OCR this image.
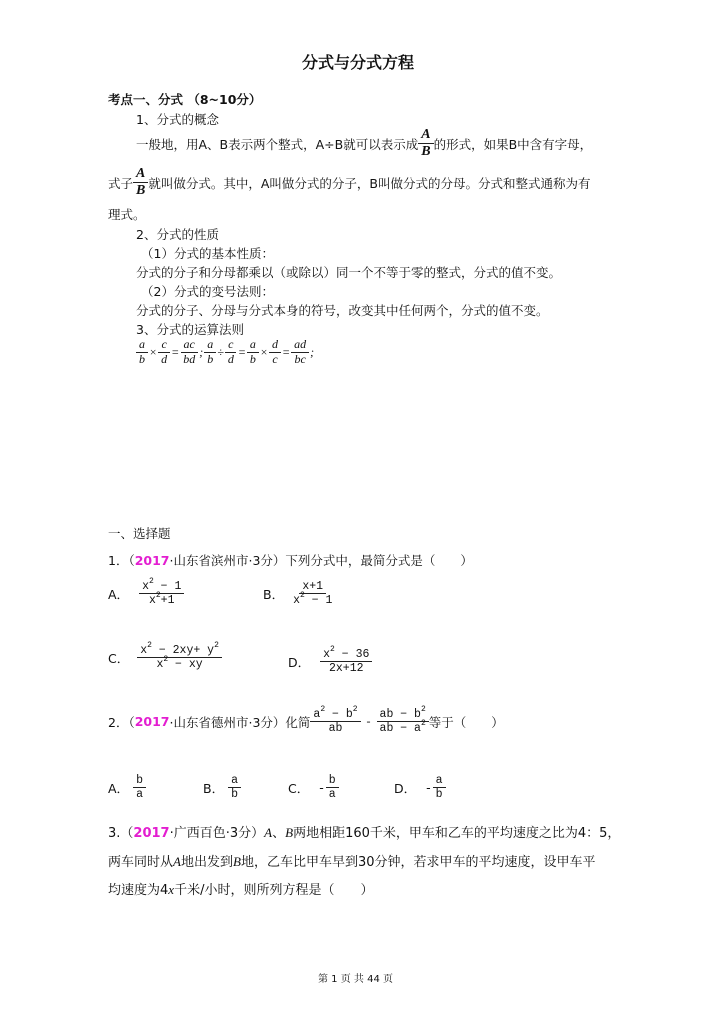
分式与分式方程
考点一、分式 （8~10分）
1、分式的概念
一般地，用A、B表示两个整式，A÷B就可以表示成 $\frac{A}{B}$ 的形式，如果B中含有字母，
式子 $\frac{A}{B}$ 就叫做分式。其中，A叫做分式的分子，B叫做分式的分母。分式和整式通称为有
理式。
2、分式的性质
（1）分式的基本性质：
分式的分子和分母都乘以（或除以）同一个不等于零的整式，分式的值不变。
（2）分式的变号法则：
分式的分子、分母与分式本身的符号，改变其中任何两个，分式的值不变。
3、分式的运算法则
$\frac{a}{b} \times \frac{c}{d} = \frac{ac}{bd}$ ; $\frac{a}{b} \div \frac{c}{d} = \frac{a}{b} \times \frac{d}{c} = \frac{ad}{bc}$ ;
一、选择题
1．（2017·山东省滨州市·3分）下列分式中，最简分式是（　　）
A． $\frac{x^2 - 1}{x^2+1}$	B． $\frac{x+1}{x^2 - 1}$
C． $\frac{x^2 - 2xy+ y^2}{x^2 - xy}$	D． $\frac{x^2 - 36}{2x+12}$
2．（ 2017 ·山东省德州市·3分）化简 $\frac{a^2 - b^2}{ab} - \frac{ab - b^2}{ab - a^2}$ 等于（　　）
A． $\frac{b}{a}$	B． $\frac{a}{b}$	C． - $\frac{b}{a}$	D． - $\frac{a}{b}$
3.（2017·广西百色·3分）A、B两地相距160千米，甲车和乙车的平均速度之比为4：5，
两车同时从A地出发到B地，乙车比甲车早到30分钟，若求甲车的平均速度，设甲车平
均速度为4x千米/小时，则所列方程是（　　）
第 1 页 共 44 页
